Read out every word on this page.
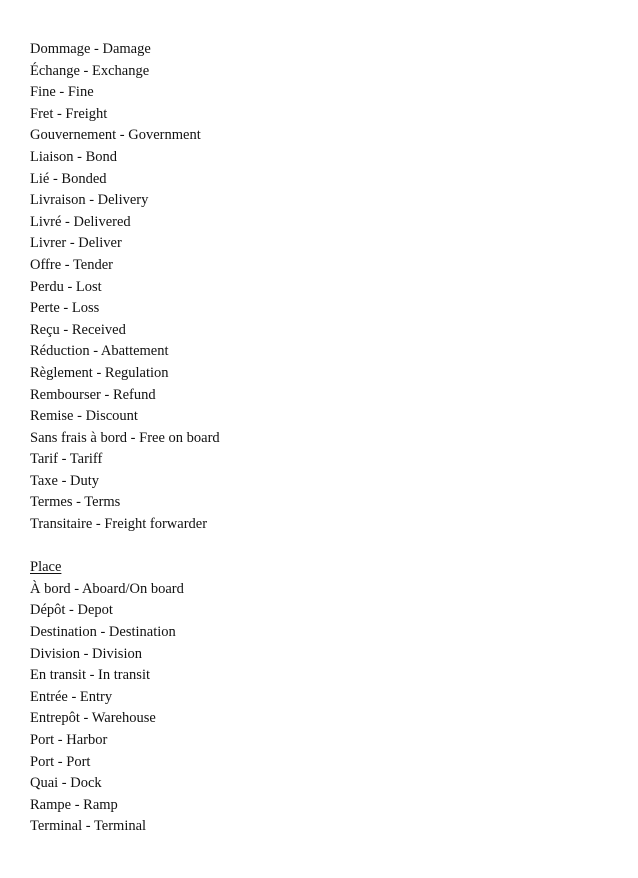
Dommage - Damage
Échange - Exchange
Fine - Fine
Fret - Freight
Gouvernement - Government
Liaison - Bond
Lié - Bonded
Livraison - Delivery
Livré - Delivered
Livrer - Deliver
Offre - Tender
Perdu - Lost
Perte - Loss
Reçu - Received
Réduction - Abattement
Règlement - Regulation
Rembourser - Refund
Remise - Discount
Sans frais à bord - Free on board
Tarif - Tariff
Taxe - Duty
Termes - Terms
Transitaire - Freight forwarder
Place
À bord - Aboard/On board
Dépôt - Depot
Destination - Destination
Division - Division
En transit - In transit
Entrée - Entry
Entrepôt - Warehouse
Port - Harbor
Port - Port
Quai - Dock
Rampe - Ramp
Terminal - Terminal
